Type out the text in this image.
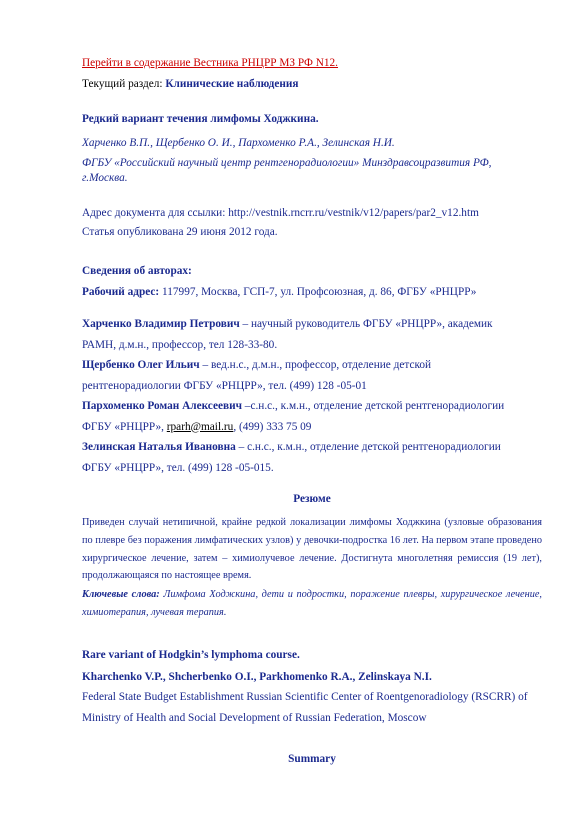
Перейти в содержание Вестника РНЦРР МЗ РФ N12.
Текущий раздел: Клинические наблюдения
Редкий вариант течения лимфомы Ходжкина.
Харченко В.П., Щербенко О. И., Пархоменко Р.А., Зелинская Н.И.
ФГБУ «Российский научный центр рентгенорадиологии» Минздравсоцразвития РФ,
г.Москва.
Адрес документа для ссылки: http://vestnik.rncrr.ru/vestnik/v12/papers/par2_v12.htm
Статья опубликована 29 июня 2012 года.
Сведения об авторах:
Рабочий адрес: 117997, Москва, ГСП-7, ул. Профсоюзная, д. 86, ФГБУ «РНЦРР»
Харченко Владимир Петрович – научный руководитель ФГБУ «РНЦРР», академик
РАМН, д.м.н., профессор, тел 128-33-80.
Щербенко Олег Ильич – вед.н.с., д.м.н., профессор, отделение детской
рентгенорадиологии ФГБУ «РНЦРР», тел. (499) 128 -05-01
Пархоменко Роман Алексеевич –с.н.с., к.м.н., отделение детской рентгенорадиологии
ФГБУ «РНЦРР», rparh@mail.ru, (499) 333 75 09
Зелинская Наталья Ивановна – с.н.с., к.м.н., отделение детской рентгенорадиологии
ФГБУ «РНЦРР», тел. (499) 128 -05-015.
Резюме
Приведен случай нетипичной, крайне редкой локализации лимфомы Ходжкина (узловые образования по плевре без поражения лимфатических узлов) у девочки-подростка 16 лет. На первом этапе проведено хирургическое лечение, затем – химиолучевое лечение. Достигнута многолетняя ремиссия (19 лет), продолжающаяся по настоящее время.
Ключевые слова: Лимфома Ходжкина, дети и подростки, поражение плевры, хирургическое лечение, химиотерапия, лучевая терапия.
Rare variant of Hodgkin’s lymphoma course.
Kharchenko V.P., Shcherbenko O.I., Parkhomenko R.A., Zelinskaya N.I.
Federal State Budget Establishment Russian Scientific Center of Roentgenoradiology (RSCRR) of Ministry of Health and Social Development of Russian Federation, Moscow
Summary
